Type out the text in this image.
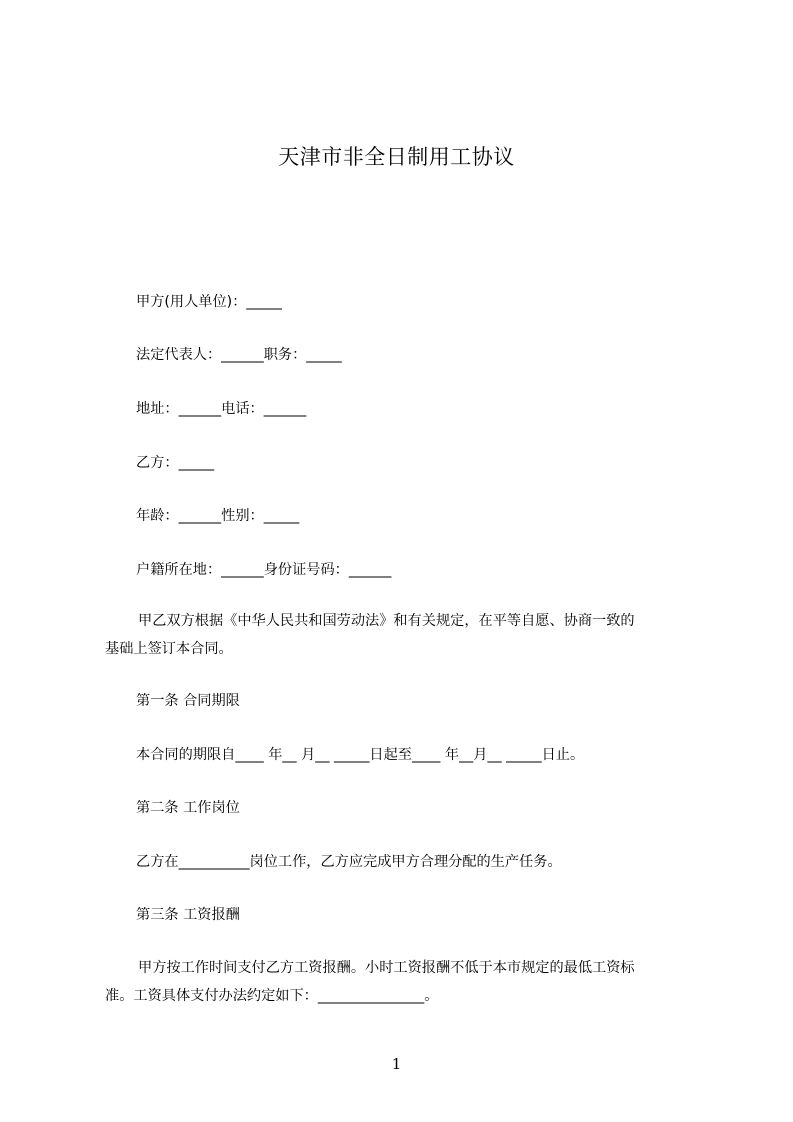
天津市非全日制用工协议
甲方(用人单位)：_____
法定代表人：______职务：_____
地址：______电话：______
乙方：_____
年龄：______性别：_____
户籍所在地：______身份证号码：______
甲乙双方根据《中华人民共和国劳动法》和有关规定，在平等自愿、协商一致的
基础上签订本合同。
第一条 合同期限
本合同的期限自____ 年__ 月__ _____日起至____ 年__月__ _____日止。
第二条 工作岗位
乙方在__________岗位工作，乙方应完成甲方合理分配的生产任务。
第三条 工资报酬
甲方按工作时间支付乙方工资报酬。小时工资报酬不低于本市规定的最低工资标
准。工资具体支付办法约定如下：_______________。
1
